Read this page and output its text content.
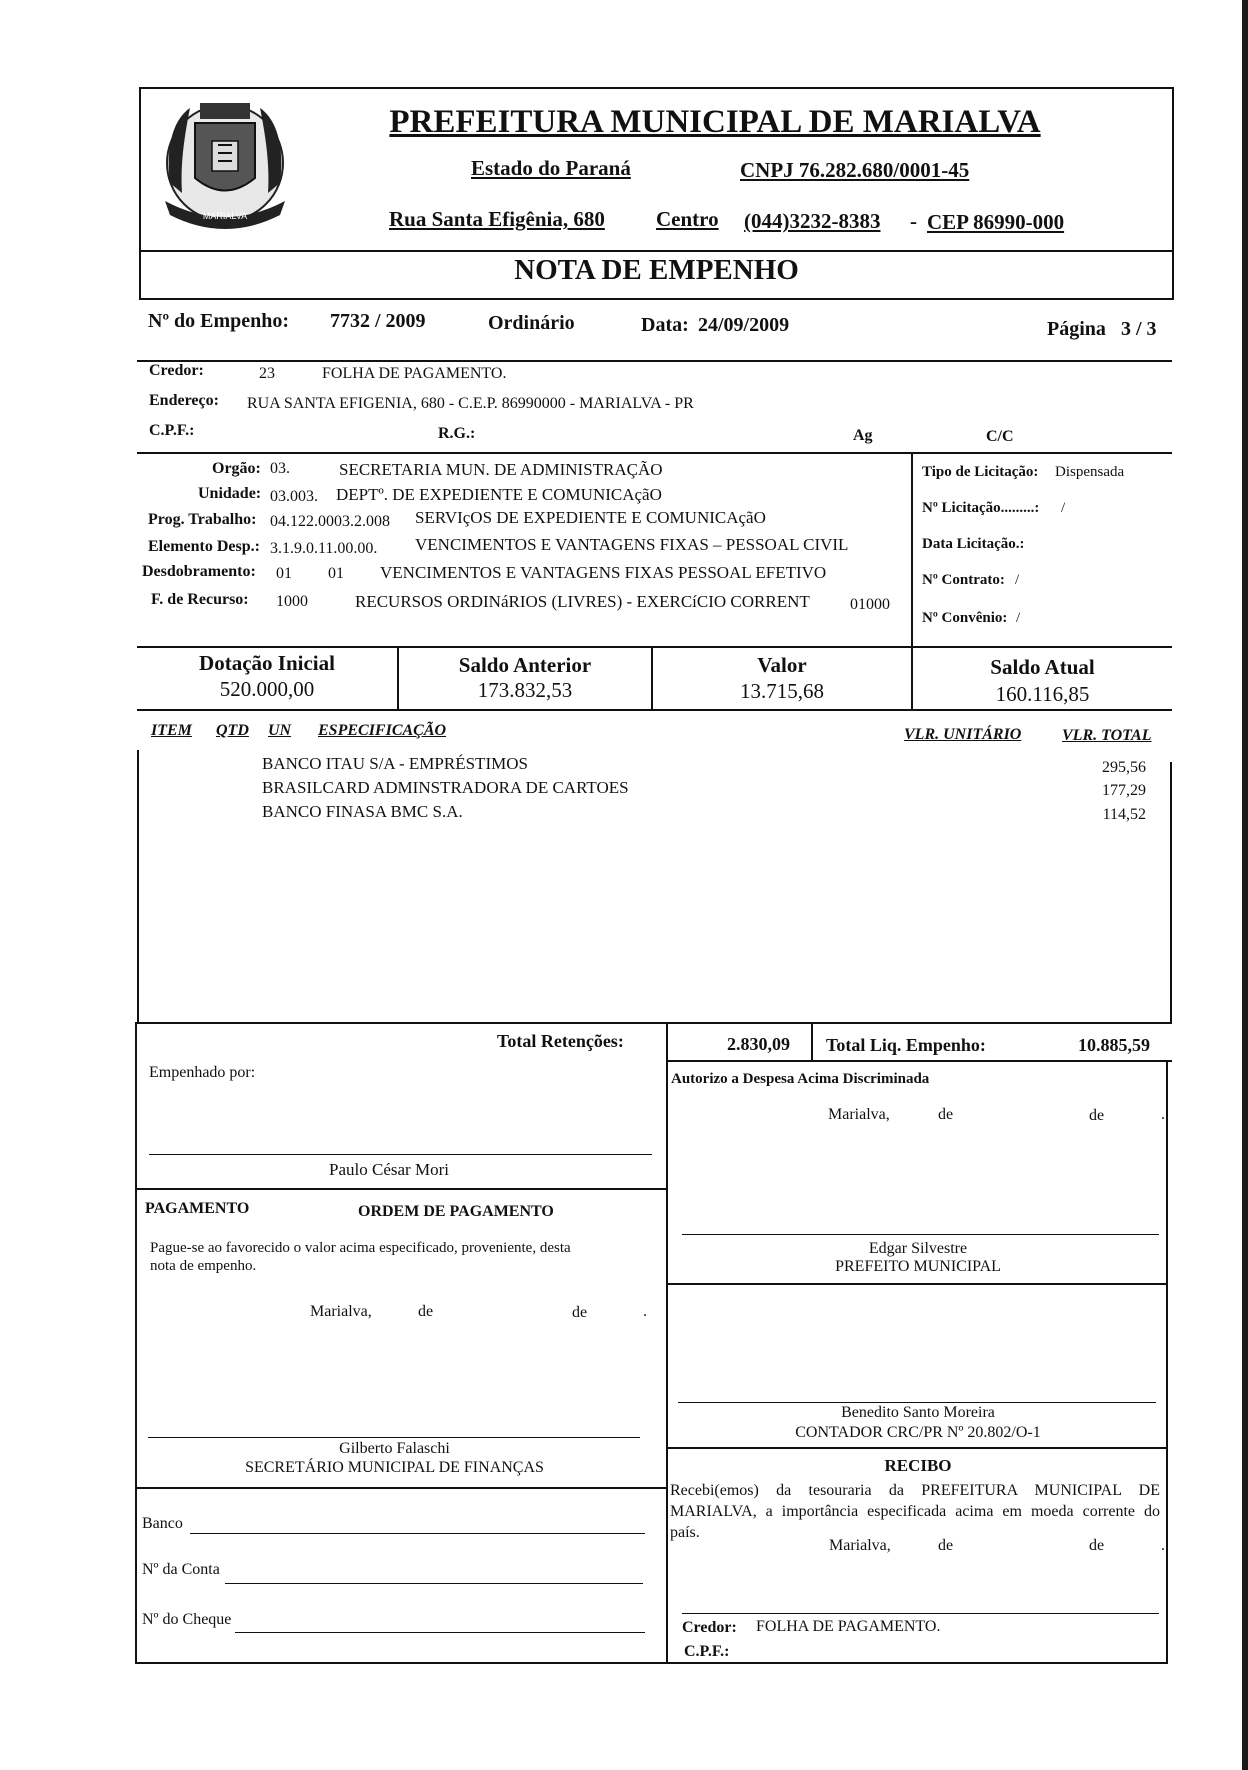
MARIALVA
PREFEITURA MUNICIPAL DE MARIALVA
Estado do Paraná	CNPJ 76.282.680/0001-45
Rua Santa Efigênia, 680 Centro (044)3232-8383 - CEP 86990-000
NOTA DE EMPENHO
Nº do Empenho: 7732 / 2009	Ordinário	Data: 24/09/2009	Página 3 / 3
Credor:	23	FOLHA DE PAGAMENTO.
Endereço: RUA SANTA EFIGENIA, 680 - C.E.P. 86990000 - MARIALVA - PR
C.P.F.:	R.G.:	Ag	C/C
Orgão: 03.	SECRETARIA MUN. DE ADMINISTRAÇÃO
Unidade: 03.003. DEPTº. DE EXPEDIENTE E COMUNICAçãO
Prog. Trabalho: 04.122.0003.2.008 SERVIçOS DE EXPEDIENTE E COMUNICAçãO
Elemento Desp.: 3.1.9.0.11.00.00. VENCIMENTOS E VANTAGENS FIXAS – PESSOAL CIVIL
Desdobramento: 01 01 VENCIMENTOS E VANTAGENS FIXAS PESSOAL EFETIVO
F. de Recurso: 1000	RECURSOS ORDINáRIOS (LIVRES) - EXERCíCIO CORRENT	01000
Tipo de Licitação: Dispensada
Nº Licitação.........: /
Data Licitação.:
Nº Contrato: /
Nº Convênio: /
Dotação Inicial
520.000,00
Saldo Anterior
173.832,53
Valor
13.715,68
Saldo Atual
160.116,85
ITEM QTD UN ESPECIFICAÇÃO	VLR. UNITÁRIO	VLR. TOTAL
BANCO ITAU S/A - EMPRÉSTIMOS	295,56
BRASILCARD ADMINSTRADORA DE CARTOES	177,29
BANCO FINASA BMC S.A.	114,52
Total Retenções:	2.830,09 Total Liq. Empenho:	10.885,59
Empenhado por:
Paulo César Mori
Autorizo a Despesa Acima Discriminada
Marialva,	de	de	.
Edgar Silvestre
PREFEITO MUNICIPAL
PAGAMENTO	ORDEM DE PAGAMENTO
Pague-se ao favorecido o valor acima especificado, proveniente, desta
nota de empenho.
Marialva,	de	de	.
Gilberto Falaschi
SECRETÁRIO MUNICIPAL DE FINANÇAS
Benedito Santo Moreira
CONTADOR CRC/PR Nº 20.802/O-1
Banco
Nº da Conta
Nº do Cheque
RECIBO
Recebi(emos) da tesouraria da PREFEITURA MUNICIPAL DE
MARIALVA, a importância especificada acima em moeda corrente do
país.
Marialva,	de	de	.
Credor: FOLHA DE PAGAMENTO.
C.P.F.:
